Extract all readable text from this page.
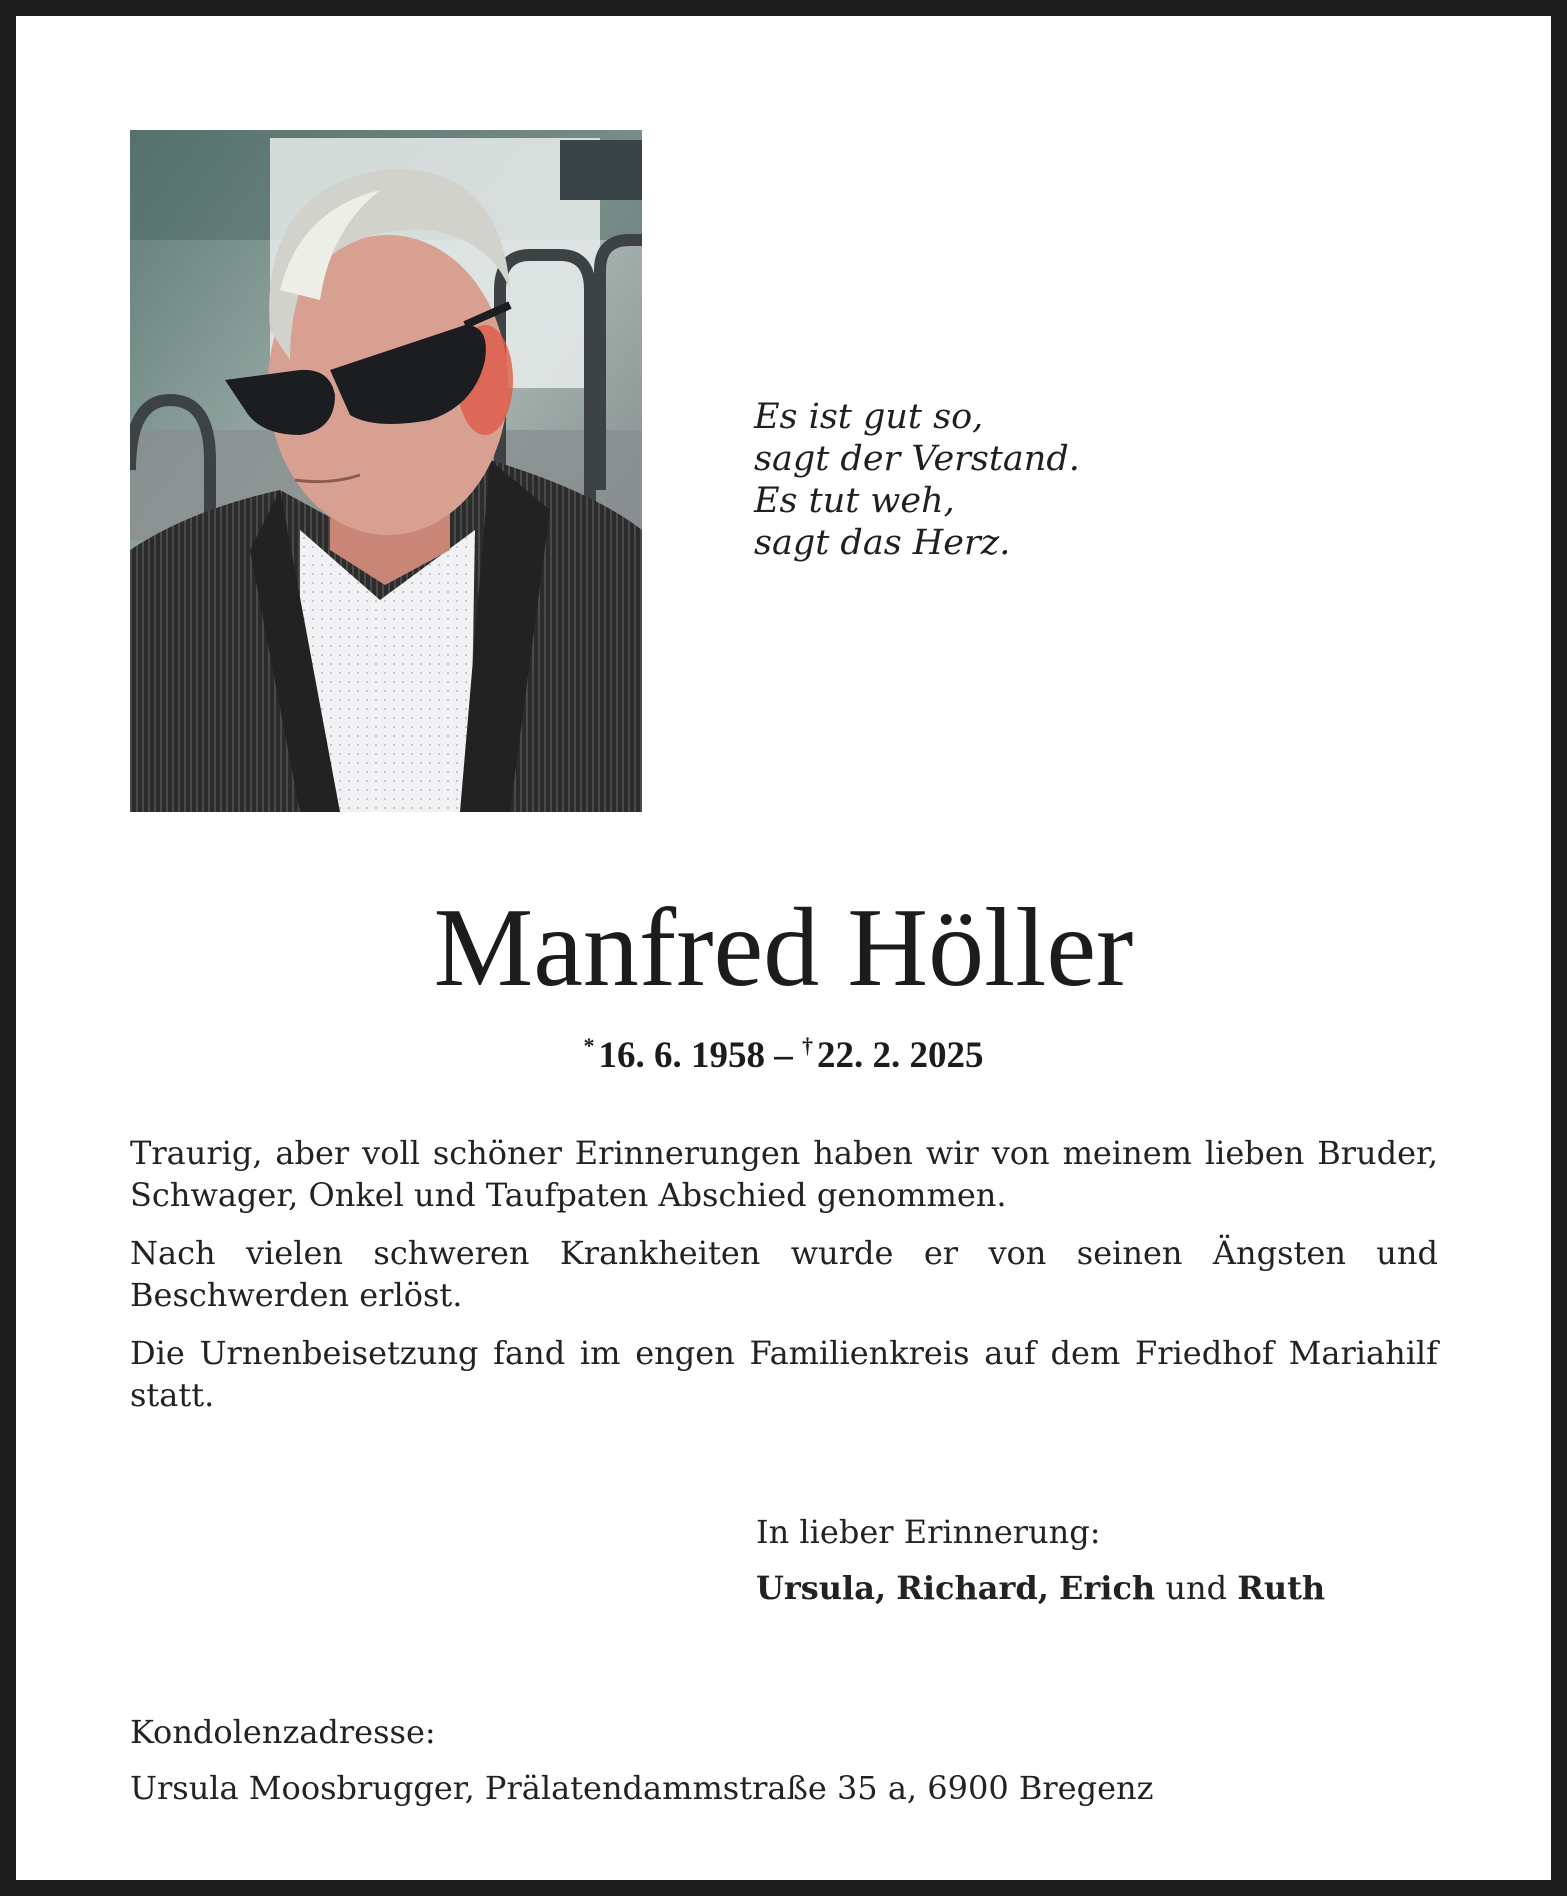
Es ist gut so,
sagt der Verstand.
Es tut weh,
sagt das Herz.
Manfred Höller
* 16. 6. 1958 – † 22. 2. 2025

Traurig, aber voll schöner Erinnerungen haben wir von meinem lieben Bruder, Schwager, Onkel und Taufpaten Abschied genommen.

Nach vielen schweren Krankheiten wurde er von seinen Ängsten und Beschwerden erlöst.

Die Urnenbeisetzung fand im engen Familienkreis auf dem Friedhof Mariahilf statt.

In lieber Erinnerung:
Ursula, Richard, Erich und Ruth
Kondolenzadresse:
Ursula Moosbrugger, Prälatendammstraße 35 a, 6900 Bregenz
